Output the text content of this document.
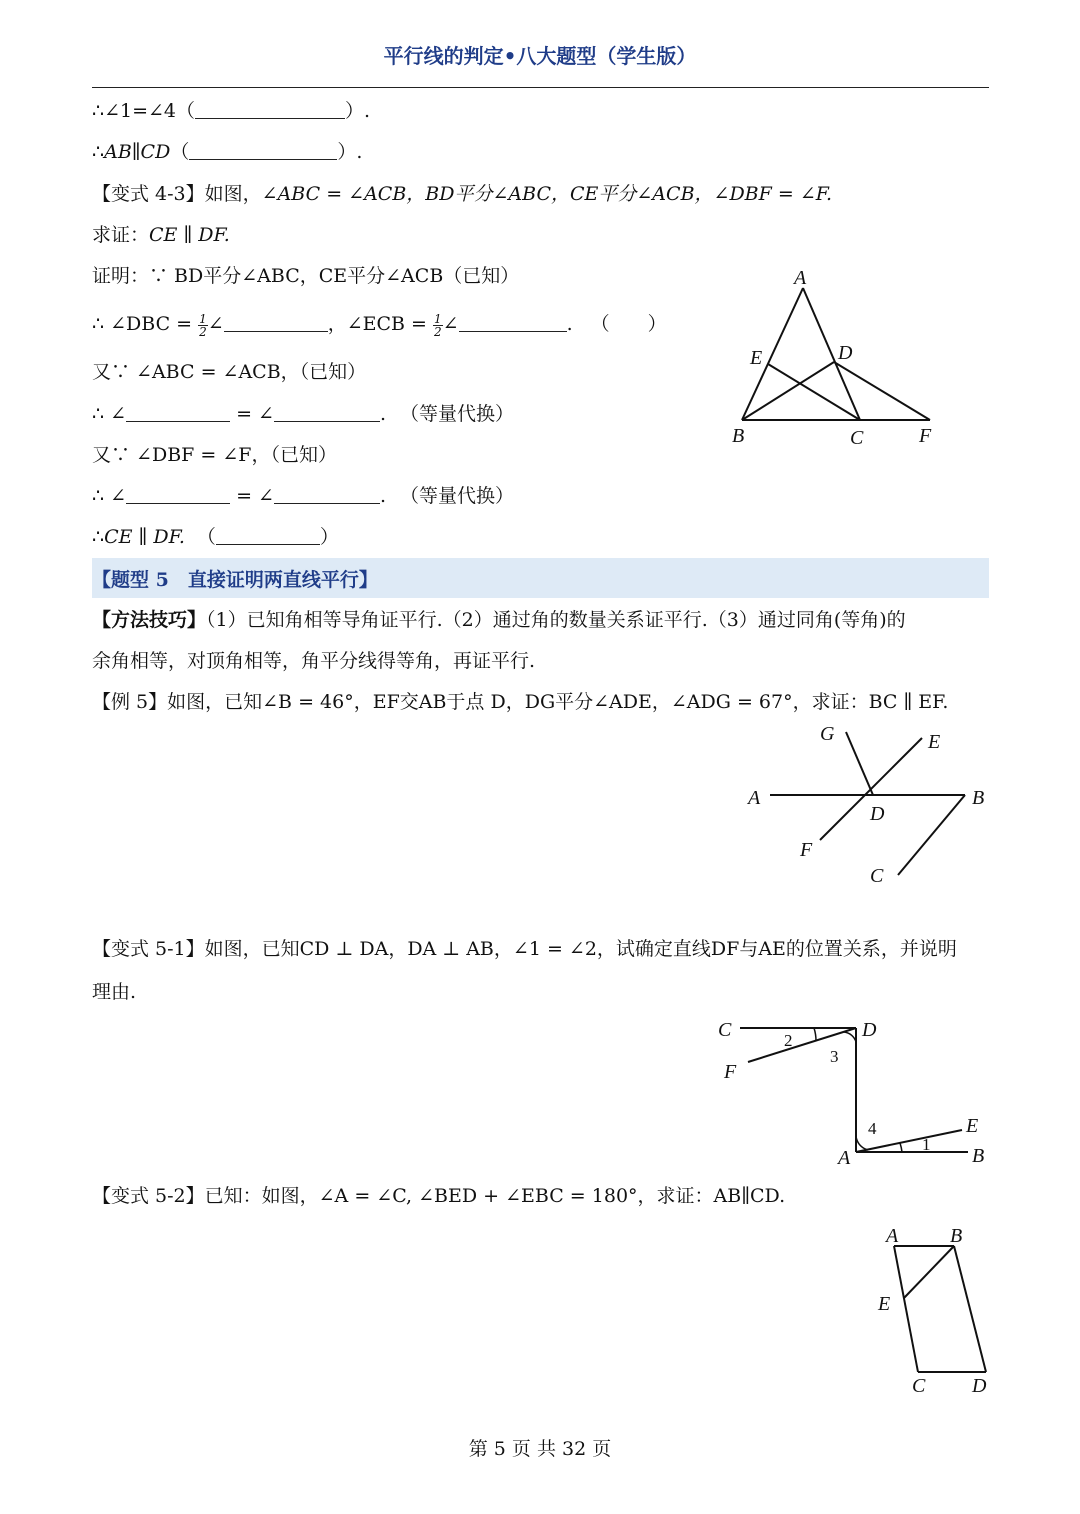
平行线的判定•八大题型（学生版）
∴∠1=∠4（	）.
∴AB∥CD（	）.
【变式 4-3】如图，∠ABC = ∠ACB，BD平分∠ABC，CE平分∠ACB，∠DBF = ∠F.
求证：CE ∥ DF.
证明：∵ BD平分∠ABC，CE平分∠ACB（已知）
∴ ∠DBC = $\frac{1}{2}$ ∠	，∠ECB = $\frac{1}{2}$ ∠	. （　　）
又∵ ∠ABC = ∠ACB，（已知）
∴ ∠	= ∠	. （等量代换）
又∵ ∠DBF = ∠F，（已知）
∴ ∠	= ∠	. （等量代换）
∴CE ∥ DF. （	）
A
E	D
B	C	F
【题型 5　直接证明两直线平行】
【方法技巧】（1）已知角相等导角证平行.（2）通过角的数量关系证平行.（3）通过同角(等角)的
余角相等，对顶角相等，角平分线得等角，再证平行.
【例 5】如图，已知∠B = 46°，EF交AB于点 D，DG平分∠ADE，∠ADG = 67°，求证：BC ∥ EF.
G	E
A
D
B
F
C
【变式 5-1】如图，已知CD ⊥ DA，DA ⊥ AB，∠1 = ∠2，试确定直线DF与AE的位置关系，并说明
理由.
C	D
F
E
A	B
2
3
4
1
【变式 5-2】已知：如图，∠A = ∠C, ∠BED + ∠EBC = 180°，求证：AB∥CD.
A	B
E
C D
第 5 页 共 32 页
